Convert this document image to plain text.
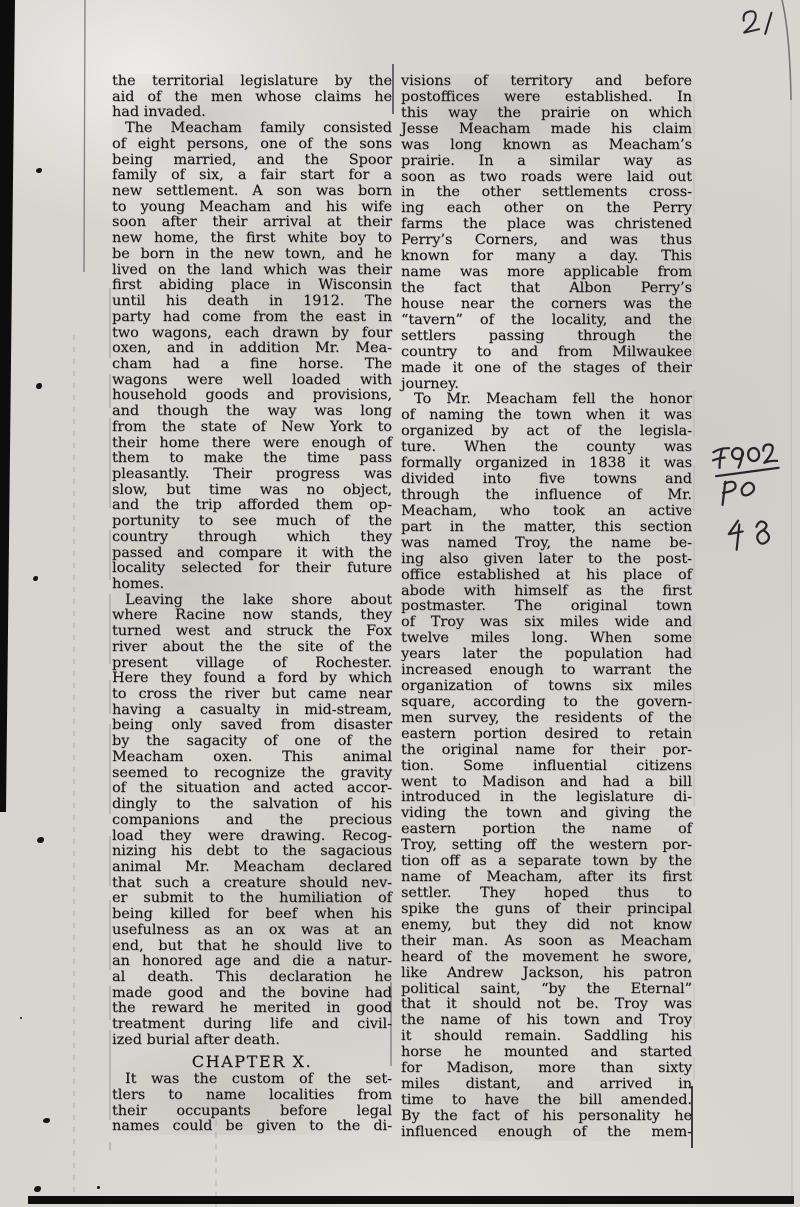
the territorial legislature by the
aid of the men whose claims he
had invaded.
The Meacham family consisted
of eight persons, one of the sons
being married, and the Spoor
family of six, a fair start for a
new settlement. A son was born
to young Meacham and his wife
soon after their arrival at their
new home, the first white boy to
be born in the new town, and he
lived on the land which was their
first abiding place in Wisconsin
until his death in 1912. The
party had come from the east in
two wagons, each drawn by four
oxen, and in addition Mr. Mea-
cham had a fine horse. The
wagons were well loaded with
household goods and provisions,
and though the way was long
from the state of New York to
their home there were enough of
them to make the time pass
pleasantly. Their progress was
slow, but time was no object,
and the trip afforded them op-
portunity to see much of the
country through which they
passed and compare it with the
locality selected for their future
homes.
Leaving the lake shore about
where Racine now stands, they
turned west and struck the Fox
river about the the site of the
present village of Rochester.
Here they found a ford by which
to cross the river but came near
having a casualty in mid-stream,
being only saved from disaster
by the sagacity of one of the
Meacham oxen. This animal
seemed to recognize the gravity
of the situation and acted accor-
dingly to the salvation of his
companions and the precious
load they were drawing. Recog-
nizing his debt to the sagacious
animal Mr. Meacham declared
that such a creature should nev-
er submit to the humiliation of
being killed for beef when his
usefulness as an ox was at an
end, but that he should live to
an honored age and die a natur-
al death. This declaration he
made good and the bovine had
the reward he merited in good
treatment during life and civil-
ized burial after death.
CHAPTER X.
It was the custom of the set-
tlers to name localities from
their occupants before legal
names could be given to the di-
visions of territory and before
postoffices were established. In
this way the prairie on which
Jesse Meacham made his claim
was long known as Meacham’s
prairie. In a similar way as
soon as two roads were laid out
in the other settlements cross-
ing each other on the Perry
farms the place was christened
Perry’s Corners, and was thus
known for many a day. This
name was more applicable from
the fact that Albon Perry’s
house near the corners was the
“tavern” of the locality, and the
settlers passing through the
country to and from Milwaukee
made it one of the stages of their
journey.
To Mr. Meacham fell the honor
of naming the town when it was
organized by act of the legisla-
ture. When the county was
formally organized in 1838 it was
divided into five towns and
through the influence of Mr.
Meacham, who took an active
part in the matter, this section
was named Troy, the name be-
ing also given later to the post-
office established at his place of
abode with himself as the first
postmaster. The original town
of Troy was six miles wide and
twelve miles long. When some
years later the population had
increased enough to warrant the
organization of towns six miles
square, according to the govern-
men survey, the residents of the
eastern portion desired to retain
the original name for their por-
tion. Some influential citizens
went to Madison and had a bill
introduced in the legislature di-
viding the town and giving the
eastern portion the name of
Troy, setting off the western por-
tion off as a separate town by the
name of Meacham, after its first
settler. They hoped thus to
spike the guns of their principal
enemy, but they did not know
their man. As soon as Meacham
heard of the movement he swore,
like Andrew Jackson, his patron
political saint, “by the Eternal”
that it should not be. Troy was
the name of his town and Troy
it should remain. Saddling his
horse he mounted and started
for Madison, more than sixty
miles distant, and arrived in
time to have the bill amended.
By the fact of his personality he
influenced enough of the mem-
